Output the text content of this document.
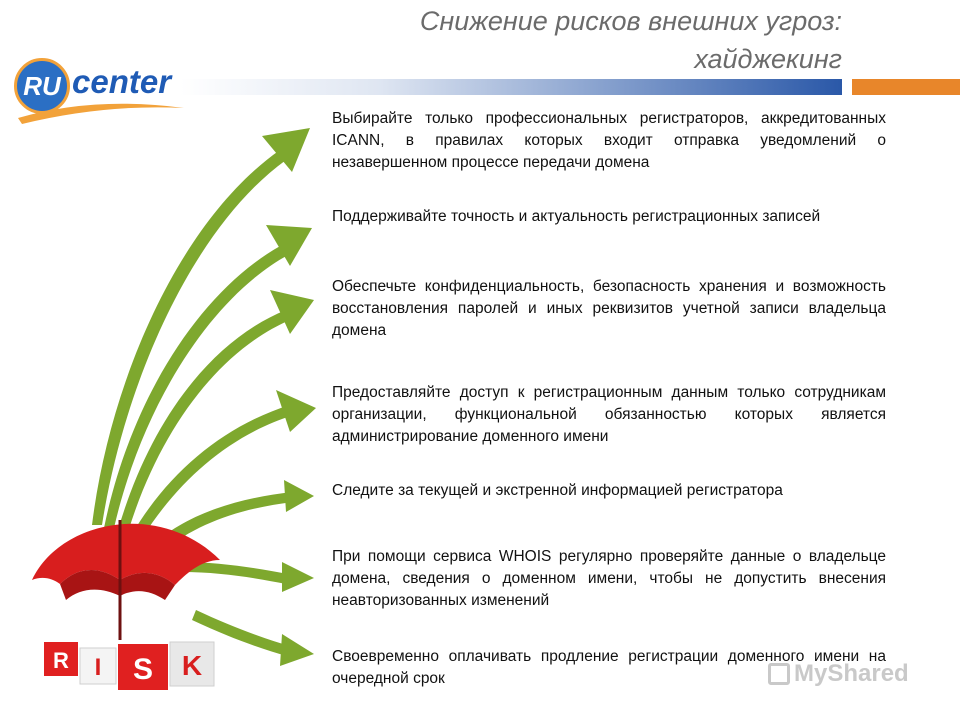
Снижение рисков внешних угроз:
хайджекинг
RU center
R I S K
Выбирайте только профессиональных регистраторов, аккредитованных ICANN, в правилах которых входит отправка уведомлений о незавершенном процессе передачи домена
Поддерживайте точность и актуальность регистрационных записей
Обеспечьте конфиденциальность, безопасность хранения и возможность восстановления паролей и иных реквизитов учетной записи владельца домена
Предоставляйте доступ к регистрационным данным только сотрудникам организации, функциональной обязанностью которых является администрирование доменного имени
Следите за текущей и экстренной информацией регистратора
При помощи сервиса WHOIS регулярно проверяйте данные о владельце домена, сведения о доменном имени, чтобы не допустить внесения неавторизованных изменений
Своевременно оплачивать продление регистрации доменного имени на очередной срок	MyShared
